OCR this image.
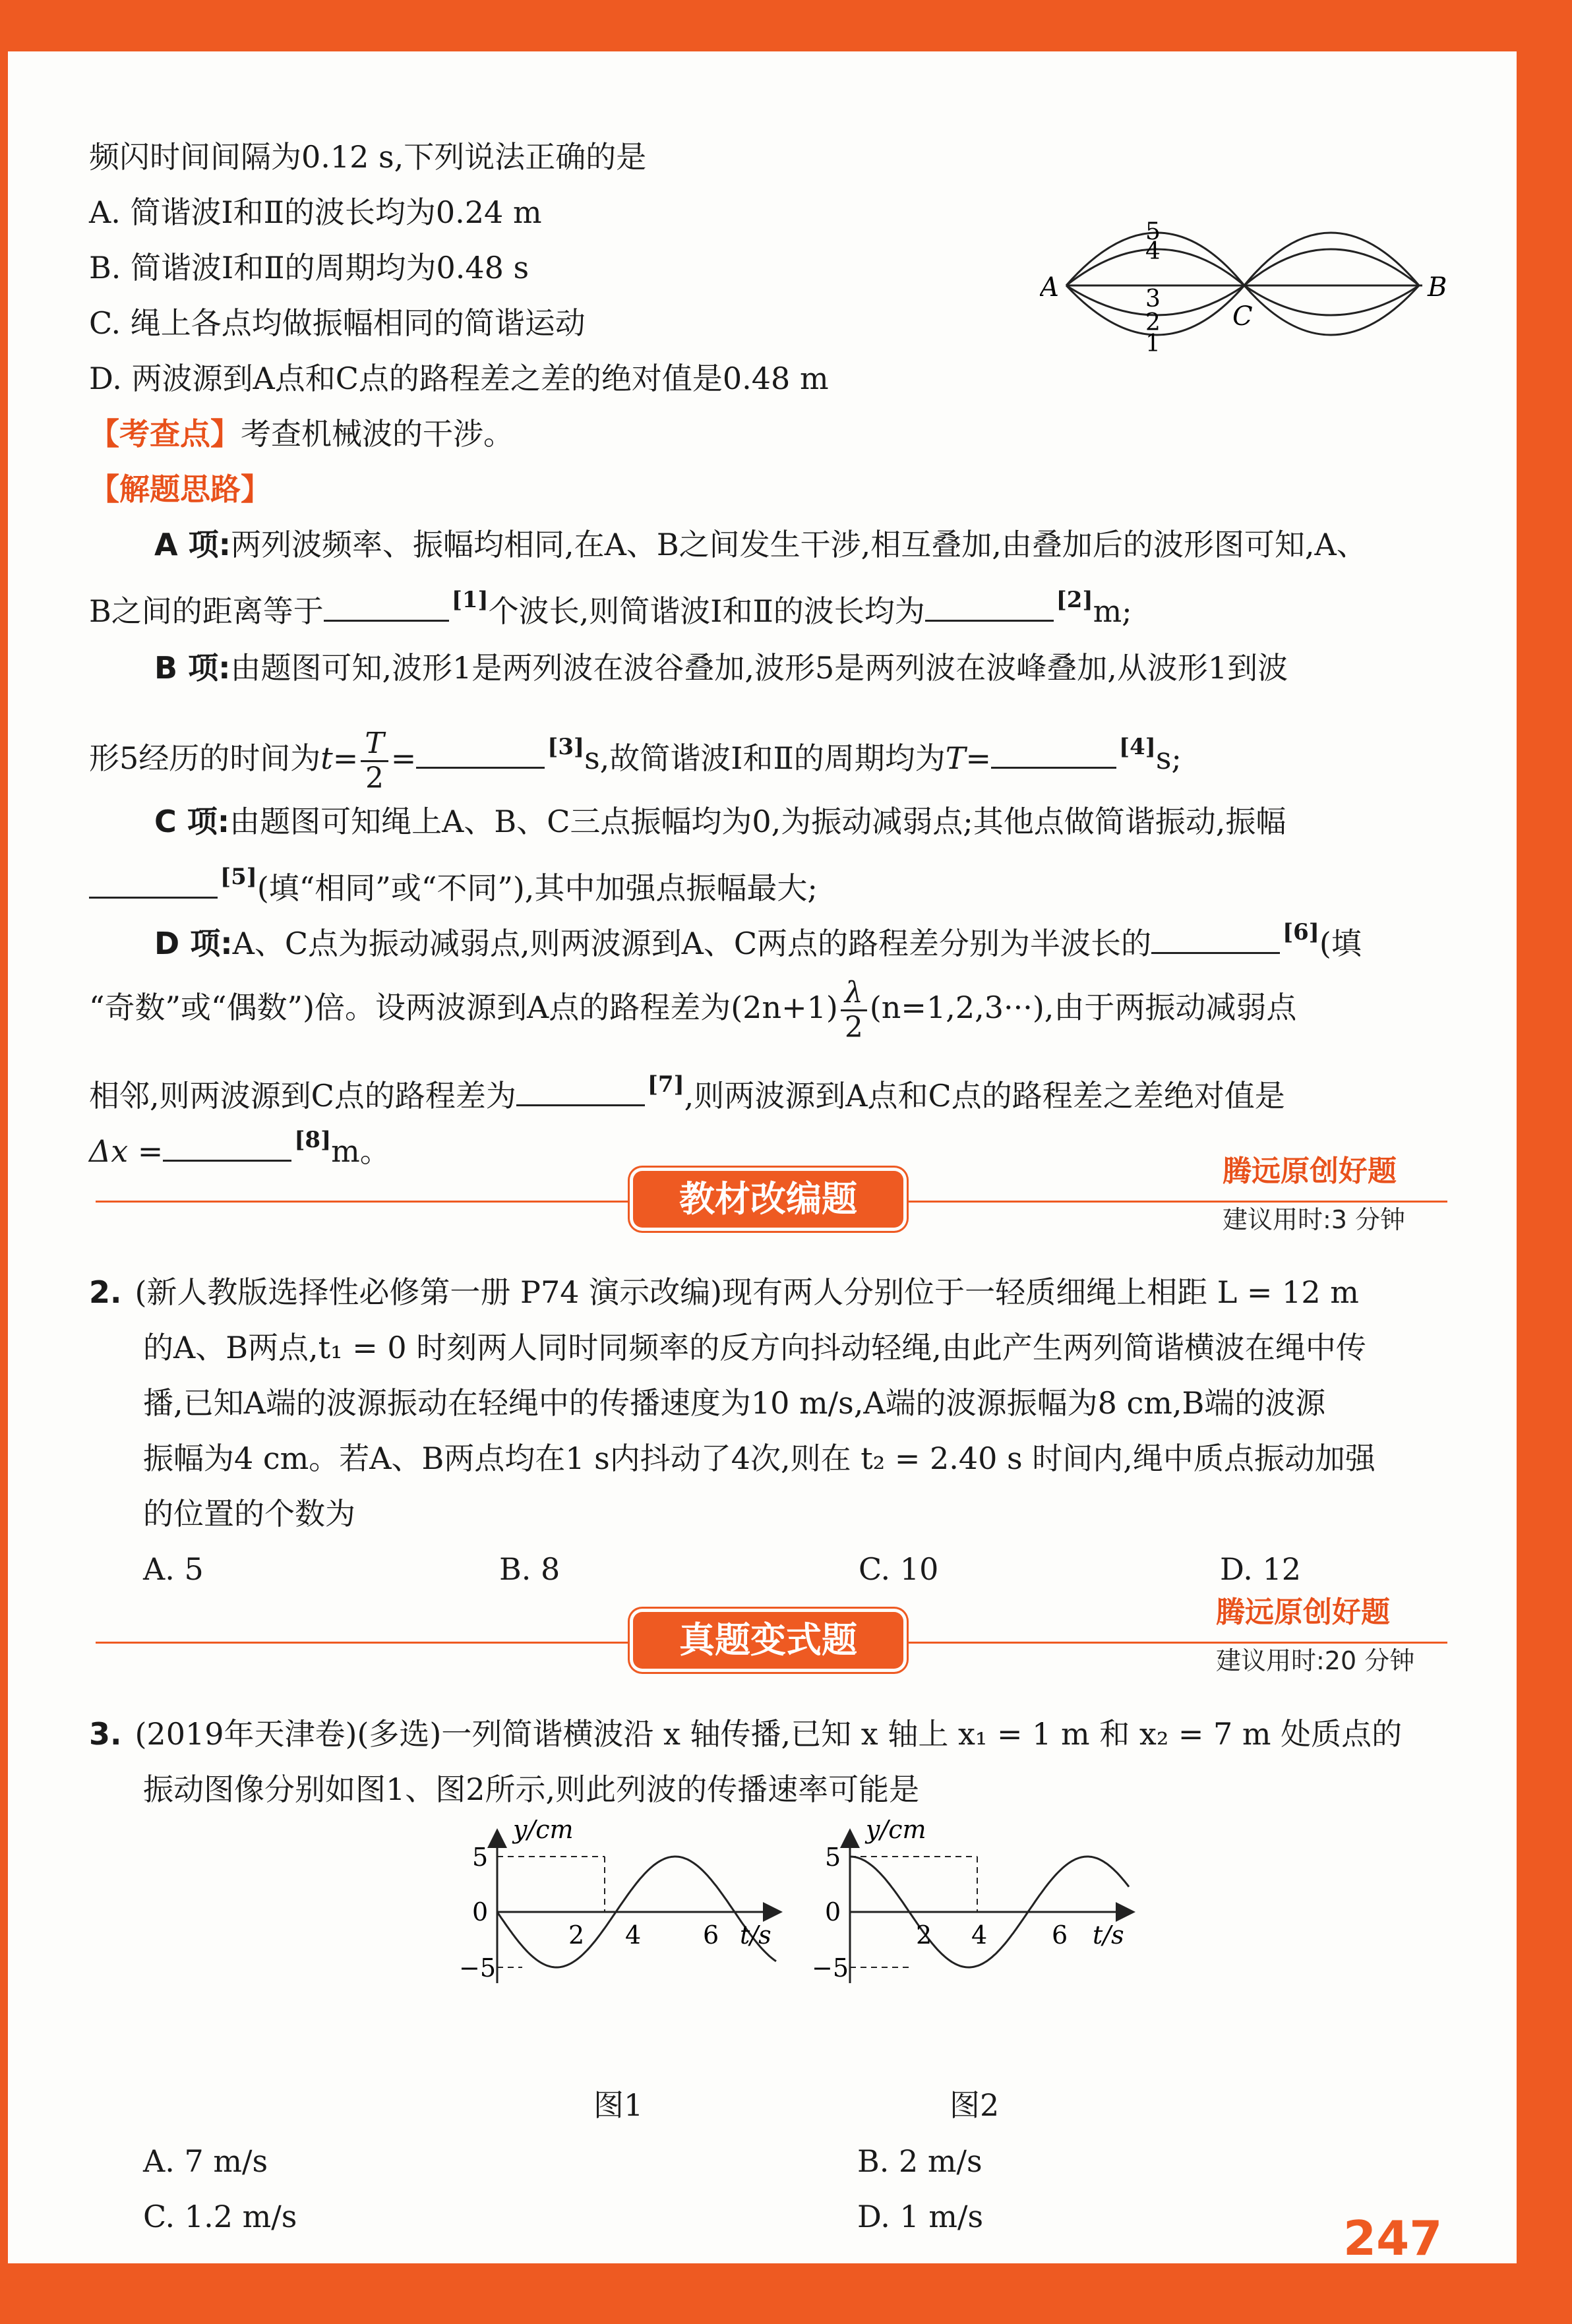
频闪时间间隔为0.12 s,下列说法正确的是
A. 简谐波Ⅰ和Ⅱ的波长均为0.24 m
B. 简谐波Ⅰ和Ⅱ的周期均为0.48 s
C. 绳上各点均做振幅相同的简谐运动
D. 两波源到A点和C点的路程差之差的绝对值是0.48 m
A	B
C
4
5
3
2
1
【考查点】考查机械波的干涉。
【解题思路】
A 项:两列波频率、振幅均相同,在A、B之间发生干涉,相互叠加,由叠加后的波形图可知,A、
B之间的距离等于	[1]个波长,则简谐波Ⅰ和Ⅱ的波长均为	[2]m;
B 项:由题图可知,波形1是两列波在波谷叠加,波形5是两列波在波峰叠加,从波形1到波
形5经历的时间为$t= \frac{T}{2}$ =	[3]s,故简谐波Ⅰ和Ⅱ的周期均为T=	[4]s;
C 项:由题图可知绳上A、B、C三点振幅均为0,为振动减弱点;其他点做简谐振动,振幅
[5](填“相同”或“不同”),其中加强点振幅最大;
D 项:A、C点为振动减弱点,则两波源到A、C两点的路程差分别为半波长的	[6](填
“奇数”或“偶数”)倍。设两波源到A点的路程差为$(2n+1) \frac{\lambda}{2} (n=1,2,3\cdot\cdot\cdot)$,由于两振动减弱点
相邻,则两波源到C点的路程差为	[7],则两波源到A点和C点的路程差之差绝对值是
Δx =	[8]m。
教材改编题
腾远原创好题
建议用时:3 分钟
2. (新人教版选择性必修第一册 P74 演示改编)现有两人分别位于一轻质细绳上相距 L = 12 m
的A、B两点,t₁ = 0 时刻两人同时同频率的反方向抖动轻绳,由此产生两列简谐横波在绳中传
播,已知A端的波源振动在轻绳中的传播速度为10 m/s,A端的波源振幅为8 cm,B端的波源
振幅为4 cm。若A、B两点均在1 s内抖动了4次,则在 t₂ = 2.40 s 时间内,绳中质点振动加强
的位置的个数为
A. 5	B. 8	C. 10	D. 12
真题变式题
腾远原创好题
建议用时:20 分钟
3. (2019年天津卷)(多选)一列简谐横波沿 x 轴传播,已知 x 轴上 x₁ = 1 m 和 x₂ = 7 m 处质点的
振动图像分别如图1、图2所示,则此列波的传播速率可能是
y/cm
t/s
5
0
−5
2 4 6
图1
y/cm
t/s
5
0
−5
2 4	6
图2
A. 7 m/s	B. 2 m/s
C. 1.2 m/s	D. 1 m/s	247
